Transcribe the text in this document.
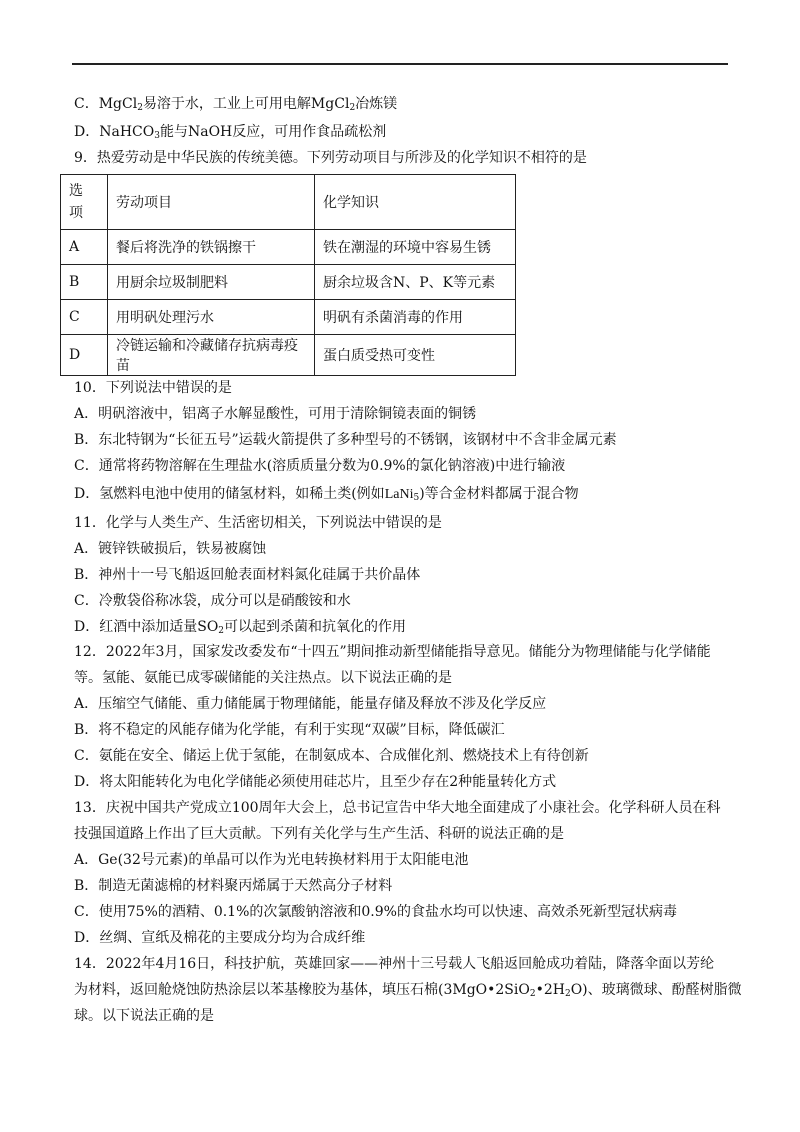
C．MgCl$_2$易溶于水，工业上可用电解MgCl$_2$冶炼镁
D．NaHCO$_3$能与NaOH反应，可用作食品疏松剂
9．热爱劳动是中华民族的传统美德。下列劳动项目与所涉及的化学知识不相符的是
选
项	劳动项目	化学知识
A	餐后将洗净的铁锅擦干	铁在潮湿的环境中容易生锈
B	用厨余垃圾制肥料	厨余垃圾含N、P、K等元素
C	用明矾处理污水	明矾有杀菌消毒的作用
D	冷链运输和冷藏储存抗病毒疫苗	蛋白质受热可变性
10．下列说法中错误的是
A．明矾溶液中，铝离子水解显酸性，可用于清除铜镜表面的铜锈
B．东北特钢为“长征五号”运载火箭提供了多种型号的不锈钢，该钢材中不含非金属元素
C．通常将药物溶解在生理盐水(溶质质量分数为0.9%的氯化钠溶液)中进行输液
D．氢燃料电池中使用的储氢材料，如稀土类(例如LaNi$_5$)等合金材料都属于混合物
11．化学与人类生产、生活密切相关，下列说法中错误的是
A．镀锌铁破损后，铁易被腐蚀
B．神州十一号飞船返回舱表面材料氮化硅属于共价晶体
C．冷敷袋俗称冰袋，成分可以是硝酸铵和水
D．红酒中添加适量$SO_2$可以起到杀菌和抗氧化的作用
12．2022年3月，国家发改委发布“十四五”期间推动新型储能指导意见。储能分为物理储能与化学储能
等。氢能、氨能已成零碳储能的关注热点。以下说法正确的是
A．压缩空气储能、重力储能属于物理储能，能量存储及释放不涉及化学反应
B．将不稳定的风能存储为化学能，有利于实现“双碳”目标，降低碳汇
C．氨能在安全、储运上优于氢能，在制氨成本、合成催化剂、燃烧技术上有待创新
D．将太阳能转化为电化学储能必须使用硅芯片，且至少存在2种能量转化方式
13．庆祝中国共产党成立100周年大会上，总书记宣告中华大地全面建成了小康社会。化学科研人员在科
技强国道路上作出了巨大贡献。下列有关化学与生产生活、科研的说法正确的是
A．Ge(32号元素)的单晶可以作为光电转换材料用于太阳能电池
B．制造无菌滤棉的材料聚丙烯属于天然高分子材料
C．使用75%的酒精、0.1%的次氯酸钠溶液和0.9%的食盐水均可以快速、高效杀死新型冠状病毒
D．丝绸、宣纸及棉花的主要成分均为合成纤维
14．2022年4月16日，科技护航，英雄回家——神州十三号载人飞船返回舱成功着陆，降落伞面以芳纶
为材料，返回舱烧蚀防热涂层以苯基橡胶为基体，填压石棉$(3MgO•2SiO_2•2H_2O)$、玻璃微球、酚醛树脂微
球。以下说法正确的是
